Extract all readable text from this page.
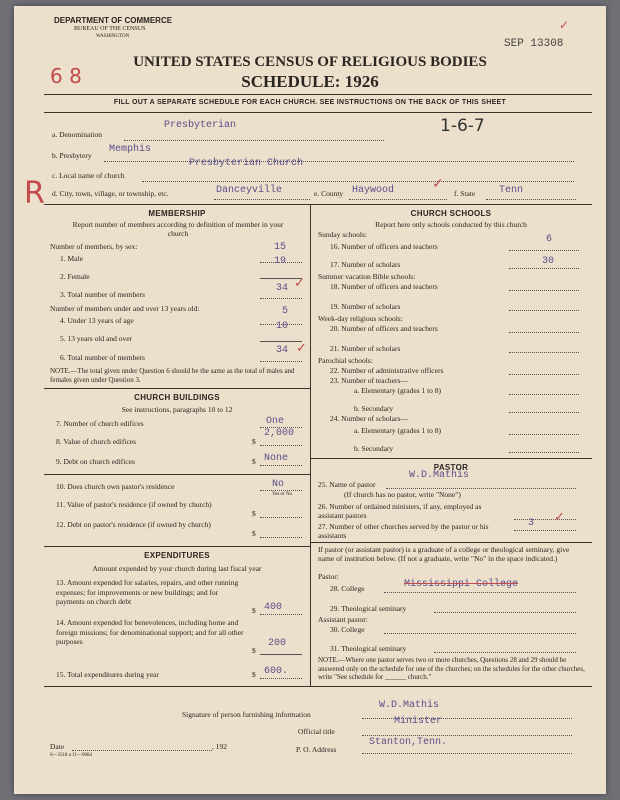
DEPARTMENT OF COMMERCE
BUREAU OF THE CENSUS
WASHINGTON
SEP 13308
6 8
R
✓
UNITED STATES CENSUS OF RELIGIOUS BODIES
SCHEDULE: 1926
FILL OUT A SEPARATE SCHEDULE FOR EACH CHURCH. SEE INSTRUCTIONS ON THE BACK OF THIS SHEET
1-6-7
a. Denomination
Presbyterian
b. Presbytery
Memphis
c. Local name of church
Presbyterian Church
d. City, town, village, or township, etc.	Danceyville	e. County Haywood	✓
f. State Tenn
MEMBERSHIP
Report number of members according to definition of member in your church
Number of members, by sex:
1. Male
15
2. Female
19
3. Total number of members
34 ✓
Number of members under and over 13 years old:
4. Under 13 years of age
5
5. 13 years old and over
10
6. Total number of members
34 ✓
NOTE.—The total given under Question 6 should be the same as the total of males and females given under Question 3.
CHURCH BUILDINGS
See instructions, paragraphs 10 to 12
7. Number of church edifices	One
8. Value of church edifices	$
2,000
9. Debt on church edifices	$ None
10. Does church own pastor's residence	No
Yes or No
11. Value of pastor's residence (if owned by church)
$
12. Debt on pastor's residence (if owned by church)
$
EXPENDITURES
Amount expended by your church during last fiscal year
13. Amount expended for salaries, repairs, and other running expenses; for improvements or new buildings; and for payments on church debt
$ 400
14. Amount expended for benevolences, including home and foreign missions; for denominational support; and for all other purposes
$
200
15. Total expenditures during year	$ 600.
CHURCH SCHOOLS
Report here only schools conducted by this church
Sunday schools:
16. Number of officers and teachers
6
17. Number of scholars	30
Summer vacation Bible schools:
18. Number of officers and teachers
19. Number of scholars
Week-day religious schools:
20. Number of officers and teachers
21. Number of scholars
Parochial schools:
22. Number of administrative officers
23. Number of teachers—
a. Elementary (grades 1 to 8)
b. Secondary
24. Number of scholars—
a. Elementary (grades 1 to 8)
b. Secondary
PASTOR
25. Name of pastor
W.D.Mathis
(If church has no pastor, write "None")
26. Number of ordained ministers, if any, employed as assistant pastors
27. Number of other churches served by the pastor or his assistants
3 ✓
If pastor (or assistant pastor) is a graduate of a college or theological seminary, give name of institution below. (If not a graduate, write "No" in the space indicated.)
Pastor:
28. College	Mississippi College
29. Theological seminary
Assistant pastor:
30. College
31. Theological seminary
NOTE.—Where one pastor serves two or more churches, Questions 28 and 29 should be answered only on the schedule for one of the churches; on the schedules for the other churches, write "See schedule for ______ church."
Signature of person furnishing information
W.D.Mathis
Official title
Minister
Date	, 192	P. O. Address
Stanton,Tenn.
6—3518 a 11—9084
